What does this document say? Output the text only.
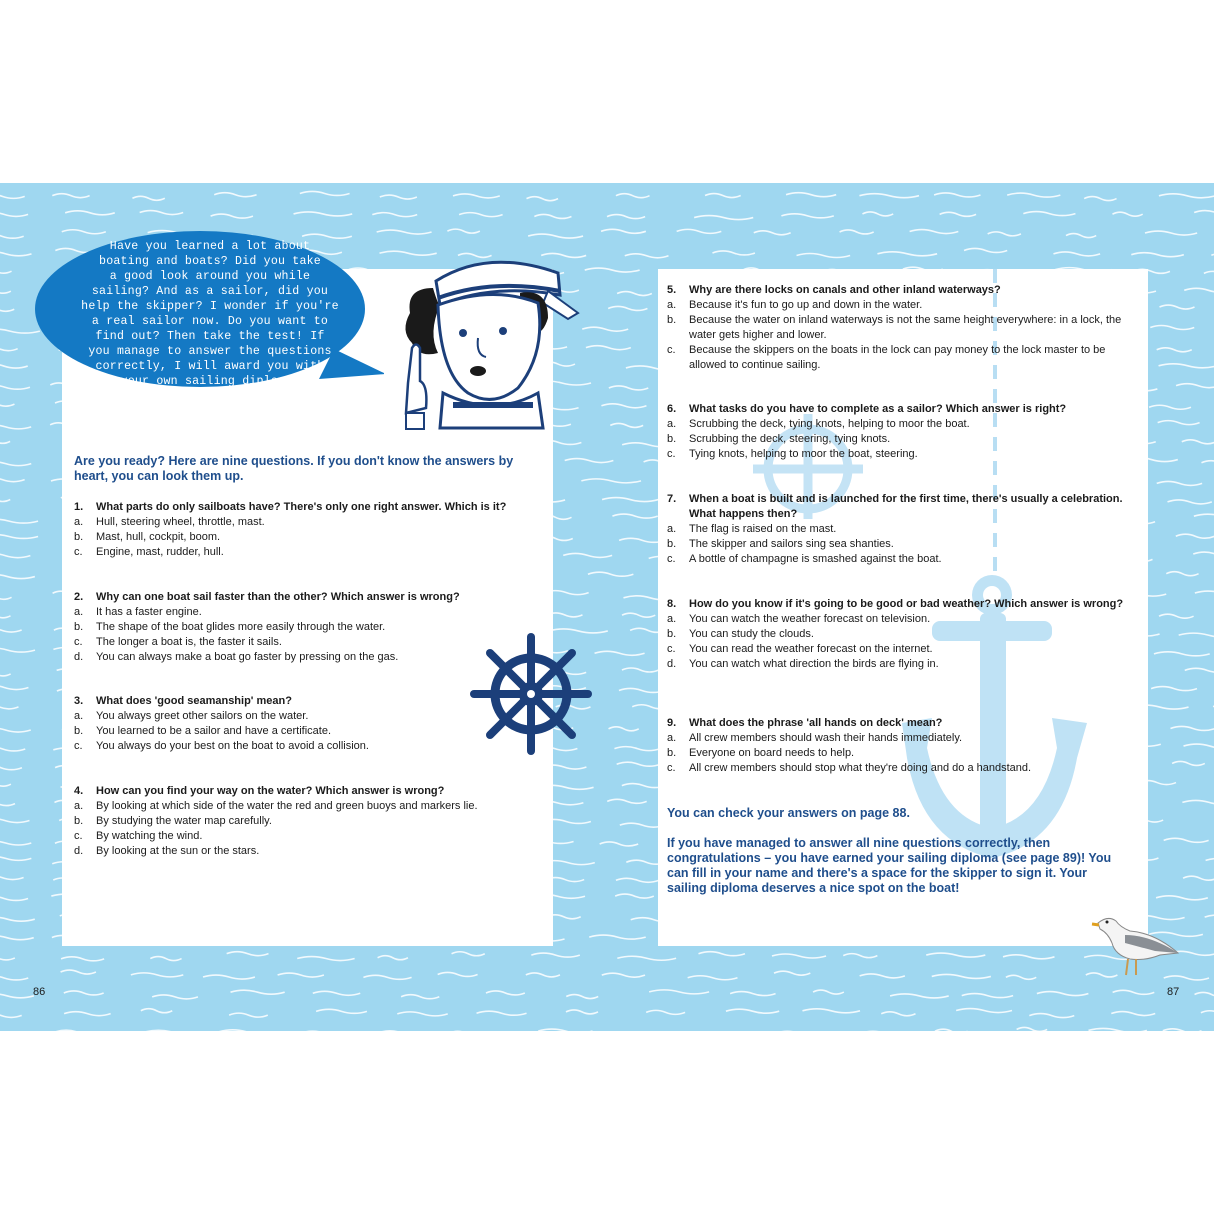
Have you learned a lot about
boating and boats? Did you take
a good look around you while
sailing? And as a sailor, did you
help the skipper? I wonder if you're
a real sailor now. Do you want to
find out? Then take the test! If
you manage to answer the questions
correctly, I will award you with
your own sailing diploma.
Are you ready? Here are nine questions. If you don't know the answers by heart, you can look them up.
1.	What parts do only sailboats have? There's only one right answer. Which is it?
a.	Hull, steering wheel, throttle, mast.
b.	Mast, hull, cockpit, boom.
c.	Engine, mast, rudder, hull.
2.	Why can one boat sail faster than the other? Which answer is wrong?
a.	It has a faster engine.
b.	The shape of the boat glides more easily through the water.
c.	The longer a boat is, the faster it sails.
d.	You can always make a boat go faster by pressing on the gas.
3.	What does 'good seamanship' mean?
a.	You always greet other sailors on the water.
b.	You learned to be a sailor and have a certificate.
c.	You always do your best on the boat to avoid a collision.
4.	How can you find your way on the water? Which answer is wrong?
a.	By looking at which side of the water the red and green buoys and markers lie.
b.	By studying the water map carefully.
c.	By watching the wind.
d.	By looking at the sun or the stars.
5.	Why are there locks on canals and other inland waterways?
a.	Because it's fun to go up and down in the water.
b.	Because the water on inland waterways is not the same height everywhere: in a lock, the water gets higher and lower.
c.	Because the skippers on the boats in the lock can pay money to the lock master to be allowed to continue sailing.
6.	What tasks do you have to complete as a sailor? Which answer is right?
a.	Scrubbing the deck, tying knots, helping to moor the boat.
b.	Scrubbing the deck, steering, tying knots.
c.	Tying knots, helping to moor the boat, steering.
7.	When a boat is built and is launched for the first time, there's usually a celebration. What happens then?
a.	The flag is raised on the mast.
b.	The skipper and sailors sing sea shanties.
c.	A bottle of champagne is smashed against the boat.
8.	How do you know if it's going to be good or bad weather? Which answer is wrong?
a.	You can watch the weather forecast on television.
b.	You can study the clouds.
c.	You can read the weather forecast on the internet.
d.	You can watch what direction the birds are flying in.
9.	What does the phrase 'all hands on deck' mean?
a.	All crew members should wash their hands immediately.
b.	Everyone on board needs to help.
c.	All crew members should stop what they're doing and do a handstand.
You can check your answers on page 88.
If you have managed to answer all nine questions correctly, then congratulations – you have earned your sailing diploma (see page 89)! You can fill in your name and there's a space for the skipper to sign it. Your sailing diploma deserves a nice spot on the boat!
86	87
